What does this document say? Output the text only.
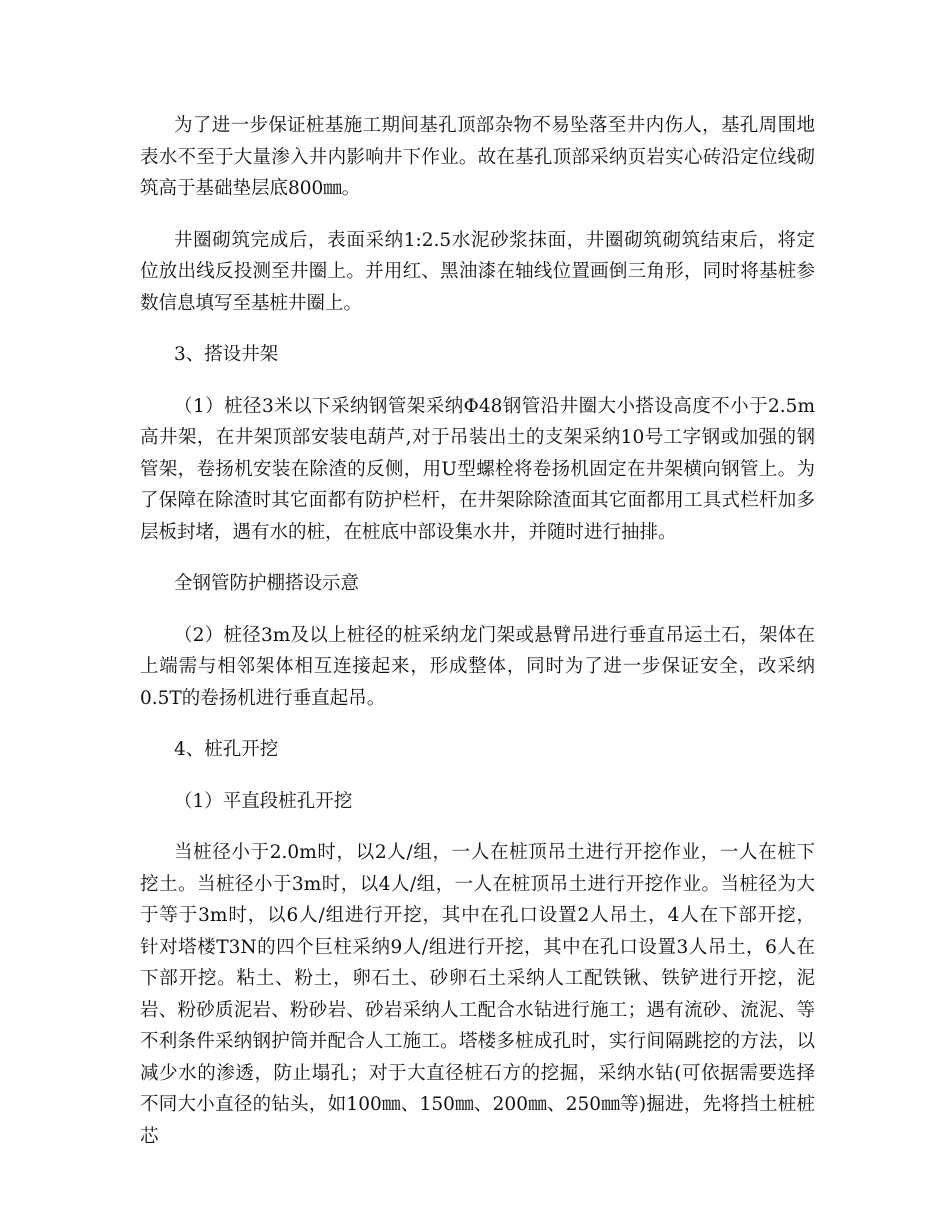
为了进一步保证桩基施工期间基孔顶部杂物不易坠落至井内伤人，基孔周围地
表水不至于大量渗入井内影响井下作业。故在基孔顶部采纳页岩实心砖沿定位线砌
筑高于基础垫层底800㎜。

井圈砌筑完成后，表面采纳1:2.5水泥砂浆抹面，井圈砌筑砌筑结束后，将定
位放出线反投测至井圈上。并用红、黑油漆在轴线位置画倒三角形，同时将基桩参
数信息填写至基桩井圈上。

3、搭设井架

（1）桩径3米以下采纳钢管架采纳Φ48钢管沿井圈大小搭设高度不小于2.5m
高井架，在井架顶部安装电葫芦,对于吊装出土的支架采纳10号工字钢或加强的钢
管架，卷扬机安装在除渣的反侧，用U型螺栓将卷扬机固定在井架横向钢管上。为
了保障在除渣时其它面都有防护栏杆，在井架除除渣面其它面都用工具式栏杆加多
层板封堵，遇有水的桩，在桩底中部设集水井，并随时进行抽排。

全钢管防护棚搭设示意

（2）桩径3m及以上桩径的桩采纳龙门架或悬臂吊进行垂直吊运土石，架体在
上端需与相邻架体相互连接起来，形成整体，同时为了进一步保证安全，改采纳
0.5T的卷扬机进行垂直起吊。

4、桩孔开挖

（1）平直段桩孔开挖

当桩径小于2.0m时，以2人/组，一人在桩顶吊土进行开挖作业，一人在桩下
挖土。当桩径小于3m时，以4人/组，一人在桩顶吊土进行开挖作业。当桩径为大
于等于3m时，以6人/组进行开挖，其中在孔口设置2人吊土，4人在下部开挖，
针对塔楼T3N的四个巨柱采纳9人/组进行开挖，其中在孔口设置3人吊土，6人在
下部开挖。粘土、粉土，卵石土、砂卵石土采纳人工配铁锹、铁铲进行开挖，泥
岩、粉砂质泥岩、粉砂岩、砂岩采纳人工配合水钻进行施工；遇有流砂、流泥、等
不利条件采纳钢护筒并配合人工施工。塔楼多桩成孔时，实行间隔跳挖的方法，以
减少水的渗透，防止塌孔；对于大直径桩石方的挖掘，采纳水钻(可依据需要选择
不同大小直径的钻头，如100㎜、150㎜、200㎜、250㎜等)掘进，先将挡土桩桩芯
